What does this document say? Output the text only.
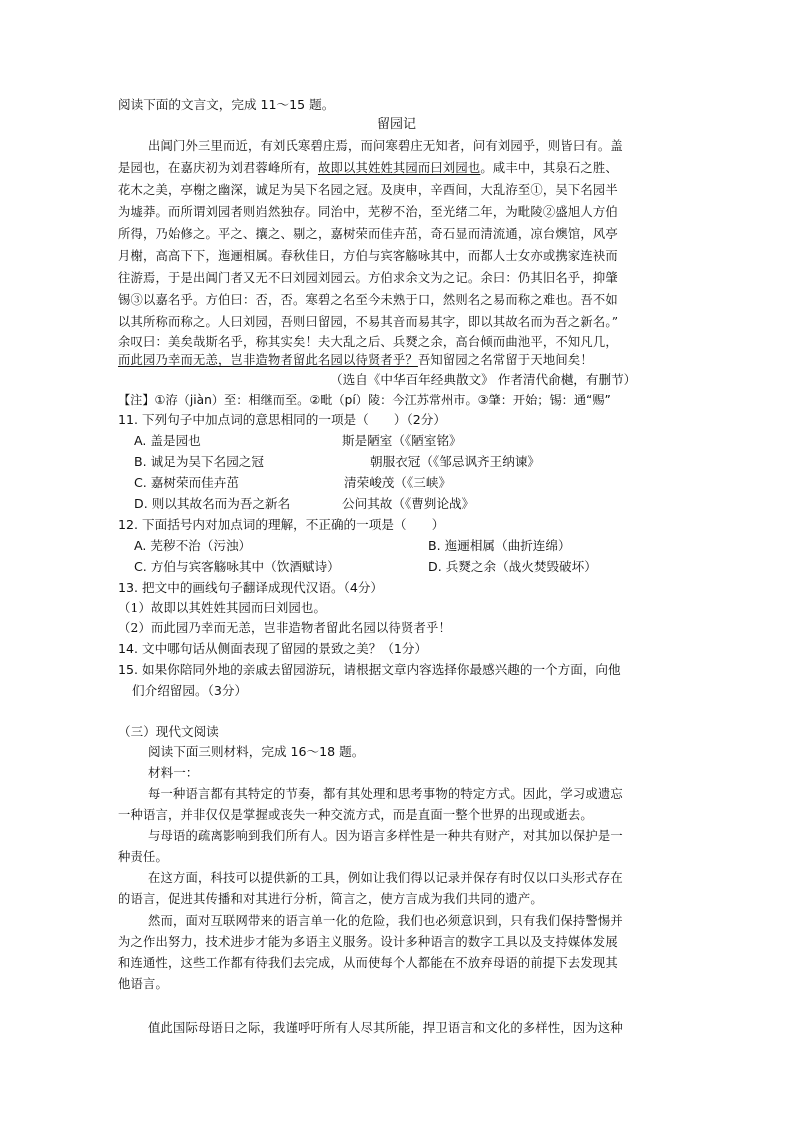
阅读下面的文言文，完成 11～15 题。
留园记
出阊门外三里而近，有刘氏寒碧庄焉，而问寒碧庄无知者，问有刘园乎，则皆曰有。盖
是园也，在嘉庆初为刘君蓉峰所有，故即以其姓姓其园而曰刘园也。咸丰中，其泉石之胜、
花木之美，亭榭之幽深，诚足为吴下名园之冠。及庚申，辛酉间，大乱洊至①，吴下名园半
为墟莽。而所谓刘园者则岿然独存。同治中，芜秽不治，至光绪二年，为毗陵②盛旭人方伯
所得，乃始修之。平之、攘之、剔之，嘉树荣而佳卉茁，奇石显而清流通，凉台燠馆，风亭
月榭，高高下下，迤逦相属。春秋佳日，方伯与宾客觞咏其中，而都人士女亦或携家连袂而
往游焉，于是出阊门者又无不曰刘园刘园云。方伯求余文为之记。余曰：仍其旧名乎，抑肇
锡③以嘉名乎。方伯曰：否，否。寒碧之名至今未熟于口，然则名之易而称之难也。吾不如
以其所称而称之。人曰刘园，吾则曰留园，不易其音而易其字，即以其故名而为吾之新名。”
余叹曰：美矣哉斯名乎，称其实矣！夫大乱之后、兵燹之余，高台倾而曲池平，不知凡几，
而此园乃幸而无恙，岂非造物者留此名园以待贤者乎？吾知留园之名常留于天地间矣！
（选自《中华百年经典散文》 作者清代俞樾，有删节）
【注】①洊（jiàn）至：相继而至。②毗（pí）陵：今江苏常州市。③肇：开始；锡：通“赐”
11. 下列句子中加点词的意思相同的一项是（　　）（2分）
A. 盖是园也	斯是陋室（《陋室铭》
B. 诚足为吴下名园之冠	朝服衣冠（《邹忌讽齐王纳谏》
C. 嘉树荣而佳卉茁	清荣峻茂（《三峡》
D. 则以其故名而为吾之新名	公问其故（《曹刿论战》
12. 下面括号内对加点词的理解，不正确的一项是（　　）
A. 芜秽不治（污浊）	B. 迤逦相属（曲折连绵）
C. 方伯与宾客觞咏其中（饮酒赋诗）	D. 兵燹之余（战火焚毁破坏）
13. 把文中的画线句子翻译成现代汉语。（4分）
（1）故即以其姓姓其园而曰刘园也。
（2）而此园乃幸而无恙，岂非造物者留此名园以待贤者乎！
14. 文中哪句话从侧面表现了留园的景致之美？（1分）
15. 如果你陪同外地的亲戚去留园游玩，请根据文章内容选择你最感兴趣的一个方面，向他
们介绍留园。（3分）
（三）现代文阅读
阅读下面三则材料，完成 16～18 题。
材料一：
每一种语言都有其特定的节奏，都有其处理和思考事物的特定方式。因此，学习或遗忘
一种语言，并非仅仅是掌握或丧失一种交流方式，而是直面一整个世界的出现或逝去。
与母语的疏离影响到我们所有人。因为语言多样性是一种共有财产，对其加以保护是一
种责任。
在这方面，科技可以提供新的工具，例如让我们得以记录并保存有时仅以口头形式存在
的语言，促进其传播和对其进行分析，简言之，使方言成为我们共同的遗产。
然而，面对互联网带来的语言单一化的危险，我们也必须意识到，只有我们保持警惕并
为之作出努力，技术进步才能为多语主义服务。设计多种语言的数字工具以及支持媒体发展
和连通性，这些工作都有待我们去完成，从而使每个人都能在不放弃母语的前提下去发现其
他语言。
值此国际母语日之际，我谨呼吁所有人尽其所能，捍卫语言和文化的多样性，因为这种
